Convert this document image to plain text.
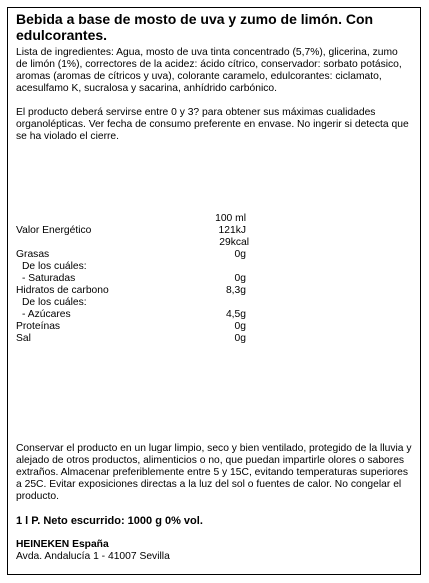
Bebida a base de mosto de uva y zumo de limón. Con edulcorantes.

Lista de ingredientes: Agua, mosto de uva tinta concentrado (5,7%), glicerina, zumo de limón (1%), correctores de la acidez: ácido cítrico, conservador: sorbato potásico, aromas (aromas de cítricos y uva), colorante caramelo, edulcorantes: ciclamato, acesulfamo K, sucralosa y sacarina, anhídrido carbónico.

El producto deberá servirse entre 0 y 3? para obtener sus máximas cualidades organolépticas. Ver fecha de consumo preferente en envase. No ingerir si detecta que se ha violado el cierre.

100 ml
Valor Energético	121kJ
29kcal
Grasas	0g
De los cuáles:
- Saturadas	0g
Hidratos de carbono	8,3g
De los cuáles:
- Azúcares	4,5g
Proteínas	0g
Sal	0g

Conservar el producto en un lugar limpio, seco y bien ventilado, protegido de la lluvia y alejado de otros productos, alimenticios o no, que puedan impartirle olores o sabores extraños. Almacenar preferiblemente entre 5 y 15C, evitando temperaturas superiores a 25C. Evitar exposiciones directas a la luz del sol o fuentes de calor. No congelar el producto.

1 l P. Neto escurrido: 1000 g 0% vol.

HEINEKEN España

Avda. Andalucía 1 - 41007 Sevilla
